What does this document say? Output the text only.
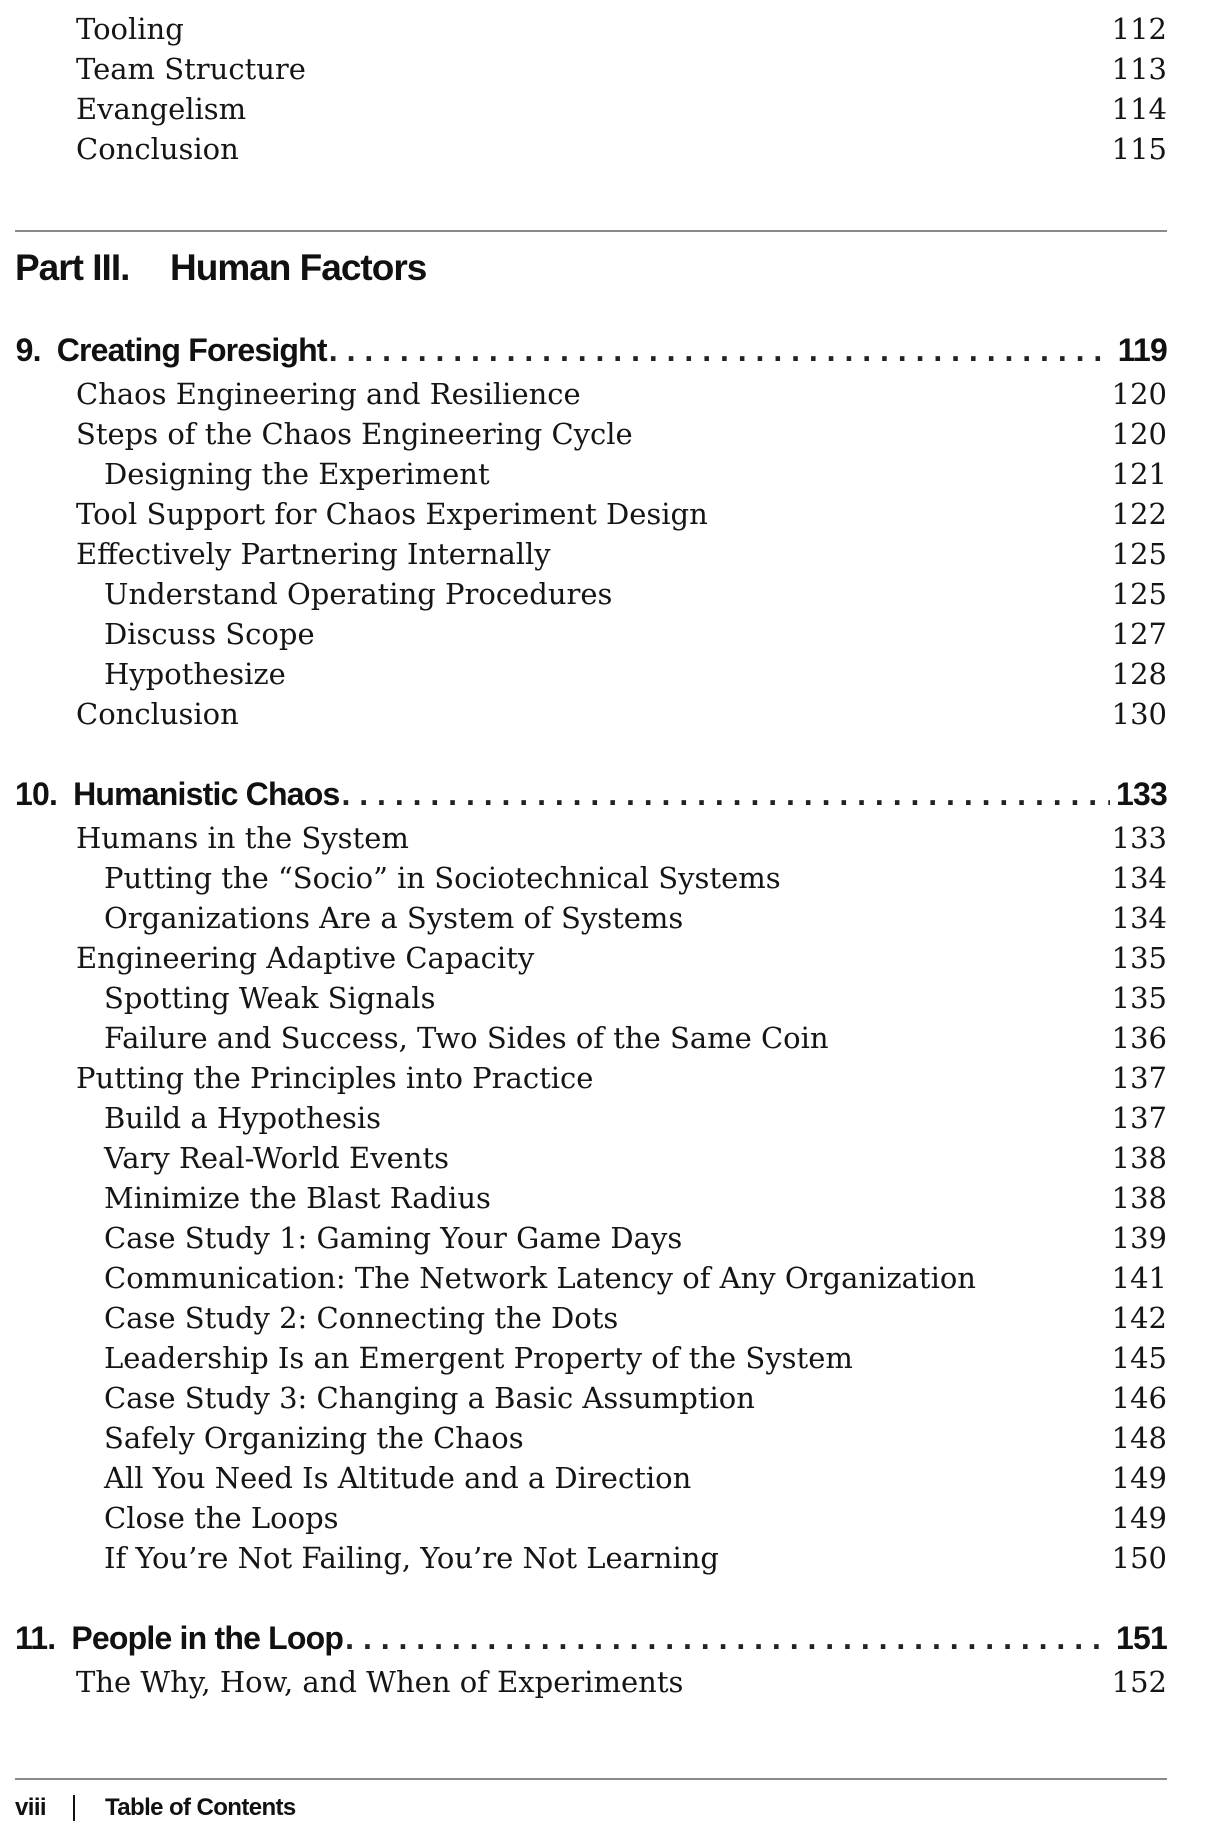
Tooling	112
Team Structure	113
Evangelism	114
Conclusion	115
Part III. Human Factors
9. Creating Foresight . . .	119
Chaos Engineering and Resilience	120
Steps of the Chaos Engineering Cycle	120
Designing the Experiment	121
Tool Support for Chaos Experiment Design	122
Effectively Partnering Internally	125
Understand Operating Procedures	125
Discuss Scope	127
Hypothesize	128
Conclusion	130
10. Humanistic Chaos . . .	133
Humans in the System	133
Putting the “Socio” in Sociotechnical Systems	134
Organizations Are a System of Systems	134
Engineering Adaptive Capacity	135
Spotting Weak Signals	135
Failure and Success, Two Sides of the Same Coin	136
Putting the Principles into Practice	137
Build a Hypothesis	137
Vary Real-World Events	138
Minimize the Blast Radius	138
Case Study 1: Gaming Your Game Days	139
Communication: The Network Latency of Any Organization	141
Case Study 2: Connecting the Dots	142
Leadership Is an Emergent Property of the System	145
Case Study 3: Changing a Basic Assumption	146
Safely Organizing the Chaos	148
All You Need Is Altitude and a Direction	149
Close the Loops	149
If You’re Not Failing, You’re Not Learning	150
11. People in the Loop . . .	151
The Why, How, and When of Experiments	152
viii	Table of Contents
